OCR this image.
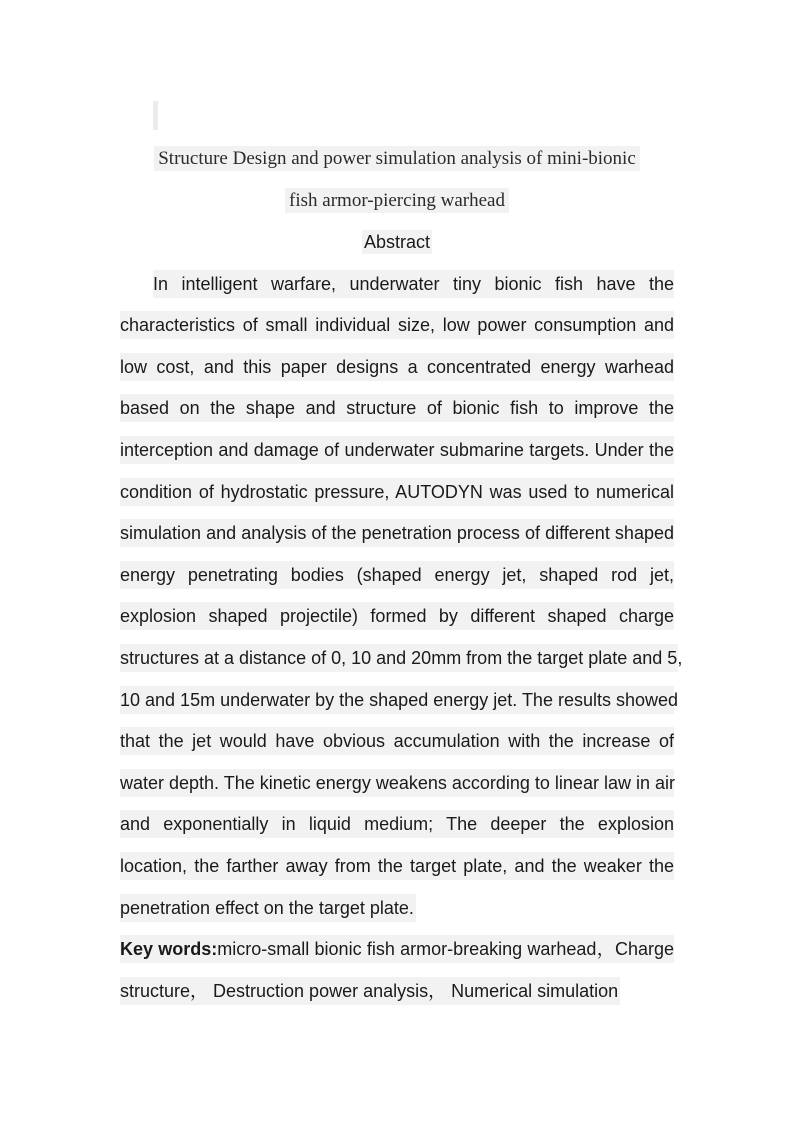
Structure Design and power simulation analysis of mini-bionic
fish armor-piercing warhead
Abstract
In intelligent warfare, underwater tiny bionic fish have the
characteristics of small individual size, low power consumption and
low cost, and this paper designs a concentrated energy warhead
based on the shape and structure of bionic fish to improve the
interception and damage of underwater submarine targets. Under the
condition of hydrostatic pressure, AUTODYN was used to numerical
simulation and analysis of the penetration process of different shaped
energy penetrating bodies (shaped energy jet, shaped rod jet,
explosion shaped projectile) formed by different shaped charge
structures at a distance of 0, 10 and 20mm from the target plate and 5,
10 and 15m underwater by the shaped energy jet. The results showed
that the jet would have obvious accumulation with the increase of
water depth. The kinetic energy weakens according to linear law in air
and exponentially in liquid medium; The deeper the explosion
location, the farther away from the target plate, and the weaker the
penetration effect on the target plate.
Key words:micro-small bionic fish armor-breaking warhead，Charge
structure， Destruction power analysis， Numerical simulation
